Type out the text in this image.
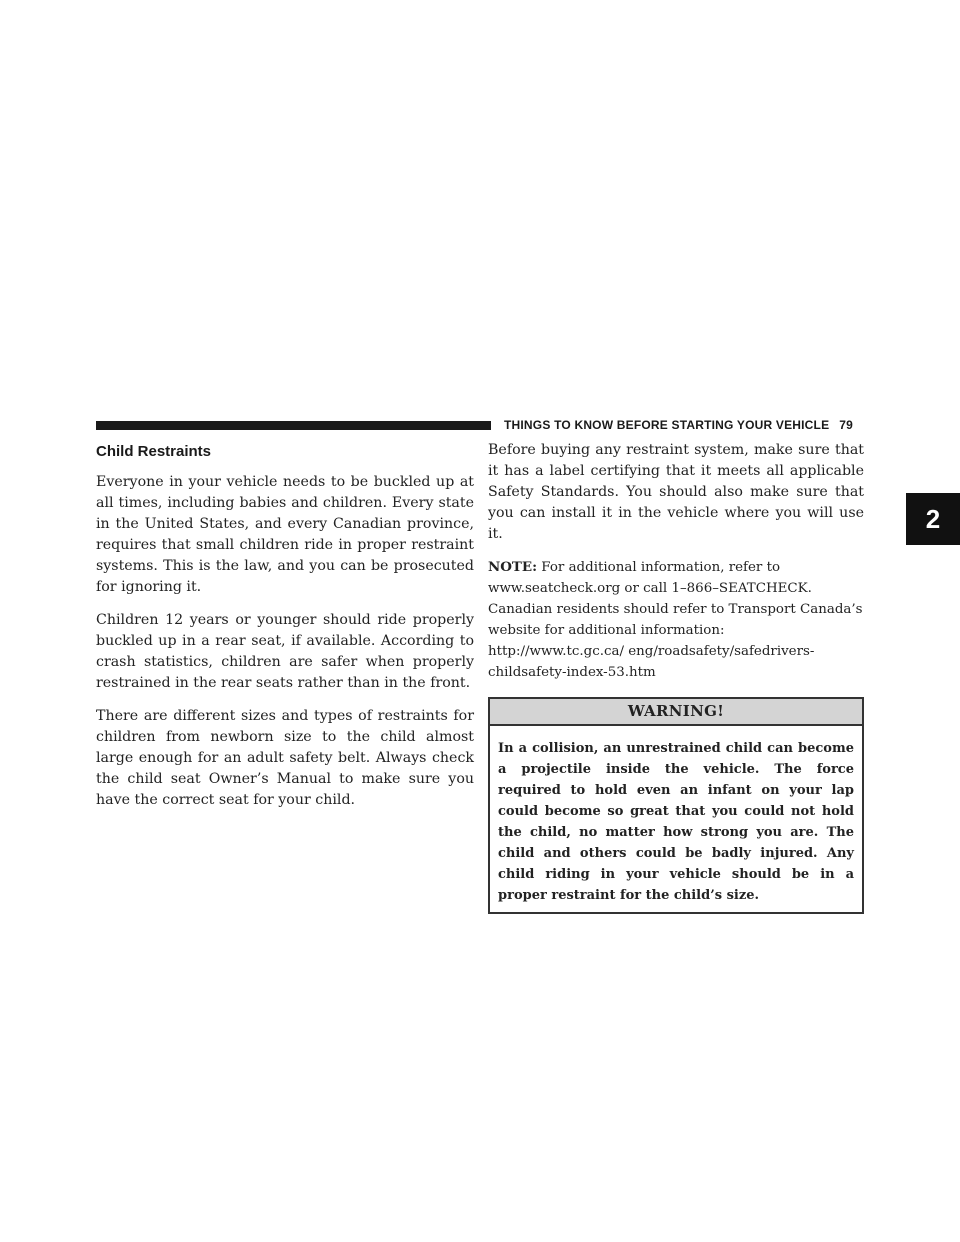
THINGS TO KNOW BEFORE STARTING YOUR VEHICLE 79
2
Child Restraints

Everyone in your vehicle needs to be buckled up at all times, including babies and children. Every state in the United States, and every Canadian province, requires that small children ride in proper restraint systems. This is the law, and you can be prosecuted for ignoring it.

Children 12 years or younger should ride properly buckled up in a rear seat, if available. According to crash statistics, children are safer when properly restrained in the rear seats rather than in the front.

There are different sizes and types of restraints for children from newborn size to the child almost large enough for an adult safety belt. Always check the child seat Owner’s Manual to make sure you have the correct seat for your child.

Before buying any restraint system, make sure that it has a label certifying that it meets all applicable Safety Standards. You should also make sure that you can install it in the vehicle where you will use it.

NOTE: For additional information, refer to www.seatcheck.org or call 1–866–SEATCHECK. Canadian residents should refer to Transport Canada’s website for additional information: http://www.tc.gc.ca/ eng/roadsafety/safedrivers-childsafety-index-53.htm

WARNING!
In a collision, an unrestrained child can become a projectile inside the vehicle. The force required to hold even an infant on your lap could become so great that you could not hold the child, no matter how strong you are. The child and others could be badly injured. Any child riding in your vehicle should be in a proper restraint for the child’s size.
